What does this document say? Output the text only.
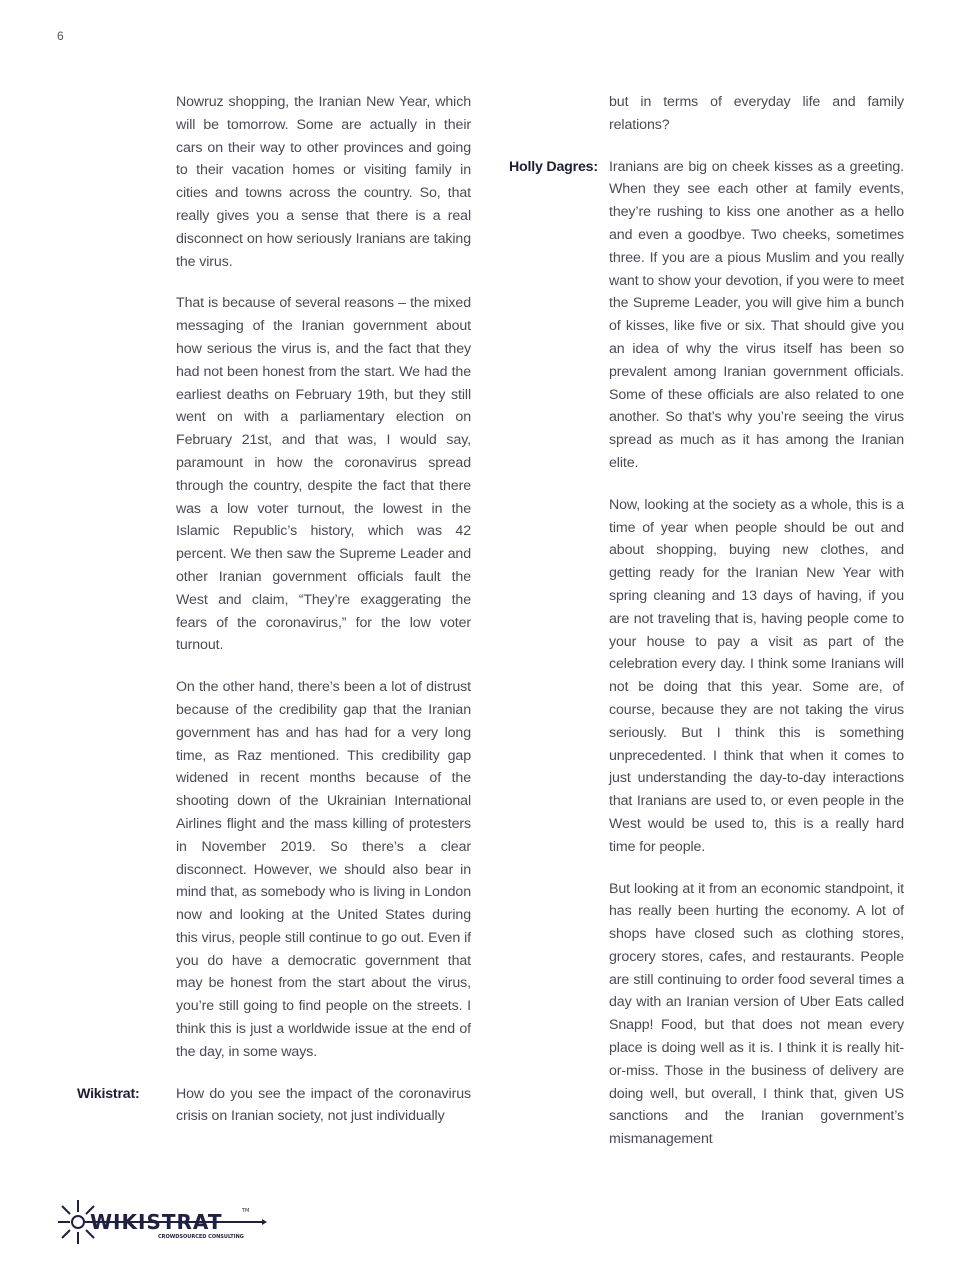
6

Nowruz shopping, the Iranian New Year, which will be tomorrow. Some are actually in their cars on their way to other provinces and going to their vacation homes or visiting family in cities and towns across the country. So, that really gives you a sense that there is a real disconnect on how seriously Iranians are taking the virus.

That is because of several reasons – the mixed messaging of the Iranian government about how serious the virus is, and the fact that they had not been honest from the start. We had the earliest deaths on February 19th, but they still went on with a parliamentary election on February 21st, and that was, I would say, paramount in how the coronavirus spread through the country, despite the fact that there was a low voter turnout, the lowest in the Islamic Republic’s history, which was 42 percent. We then saw the Supreme Leader and other Iranian government officials fault the West and claim, “They’re exaggerating the fears of the coronavirus,” for the low voter turnout.

On the other hand, there’s been a lot of distrust because of the credibility gap that the Iranian government has and has had for a very long time, as Raz mentioned. This credibility gap widened in recent months because of the shooting down of the Ukrainian International Airlines flight and the mass killing of protesters in November 2019. So there’s a clear disconnect. However, we should also bear in mind that, as somebody who is living in London now and looking at the United States during this virus, people still continue to go out. Even if you do have a democratic government that may be honest from the start about the virus, you’re still going to find people on the streets. I think this is just a worldwide issue at the end of the day, in some ways.

Wikistrat:	How do you see the impact of the coronavirus crisis on Iranian society, not just individually

but in terms of everyday life and family relations?

Holly Dagres: Iranians are big on cheek kisses as a greeting. When they see each other at family events, they’re rushing to kiss one another as a hello and even a goodbye. Two cheeks, sometimes three. If you are a pious Muslim and you really want to show your devotion, if you were to meet the Supreme Leader, you will give him a bunch of kisses, like five or six. That should give you an idea of why the virus itself has been so prevalent among Iranian government officials. Some of these officials are also related to one another. So that’s why you’re seeing the virus spread as much as it has among the Iranian elite.

Now, looking at the society as a whole, this is a time of year when people should be out and about shopping, buying new clothes, and getting ready for the Iranian New Year with spring cleaning and 13 days of having, if you are not traveling that is, having people come to your house to pay a visit as part of the celebration every day. I think some Iranians will not be doing that this year. Some are, of course, because they are not taking the virus seriously. But I think this is something unprecedented. I think that when it comes to just understanding the day-to-day interactions that Iranians are used to, or even people in the West would be used to, this is a really hard time for people.

But looking at it from an economic standpoint, it has really been hurting the economy. A lot of shops have closed such as clothing stores, grocery stores, cafes, and restaurants. People are still continuing to order food several times a day with an Iranian version of Uber Eats called Snapp! Food, but that does not mean every place is doing well as it is. I think it is really hit-or-miss. Those in the business of delivery are doing well, but overall, I think that, given US sanctions and the Iranian government’s mismanagement

WIKISTRAT	TM
CROWDSOURCED CONSULTING
